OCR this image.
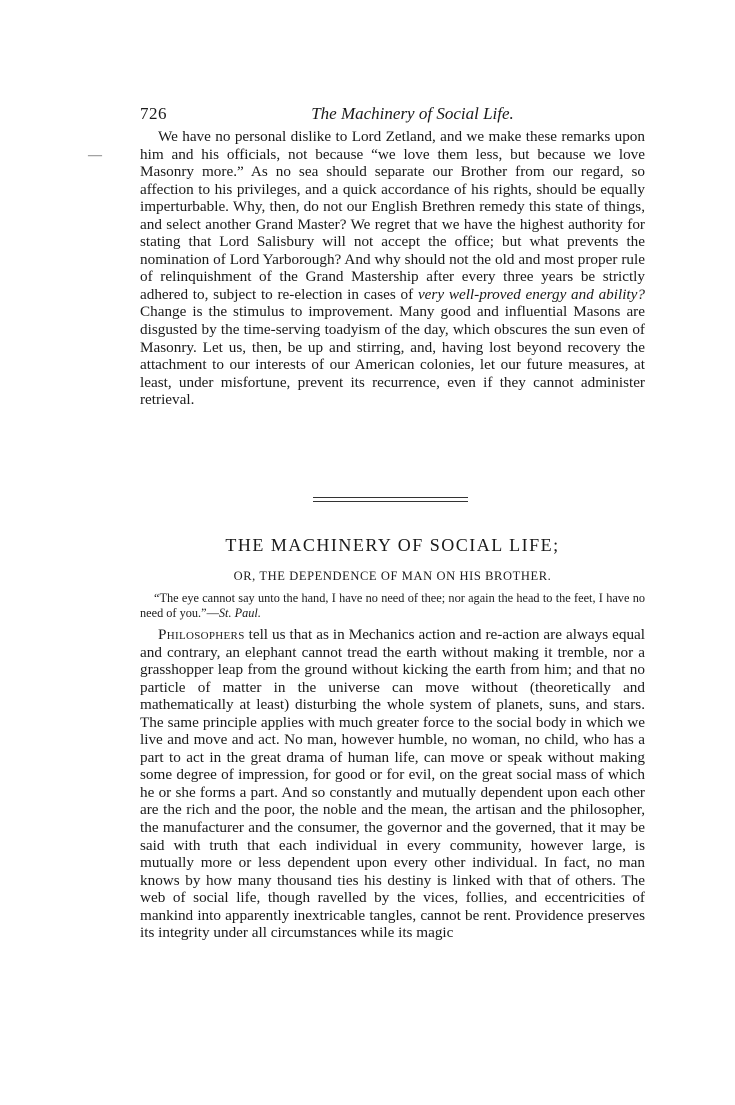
726	The Machinery of Social Life.
—

We have no personal dislike to Lord Zetland, and we make these remarks upon him and his officials, not because “we love them less, but because we love Masonry more.” As no sea should separate our Brother from our regard, so affection to his privileges, and a quick accordance of his rights, should be equally imperturbable. Why, then, do not our English Brethren remedy this state of things, and select another Grand Master? We regret that we have the highest authority for stating that Lord Salisbury will not accept the office; but what prevents the nomination of Lord Yarborough? And why should not the old and most proper rule of relinquishment of the Grand Mastership after every three years be strictly adhered to, subject to re-election in cases of very well-proved energy and ability? Change is the stimulus to improvement. Many good and influential Masons are disgusted by the time-serving toadyism of the day, which obscures the sun even of Masonry. Let us, then, be up and stirring, and, having lost beyond recovery the attachment to our interests of our American colonies, let our future measures, at least, under misfortune, prevent its recurrence, even if they cannot administer retrieval.

THE MACHINERY OF SOCIAL LIFE;
OR, THE DEPENDENCE OF MAN ON HIS BROTHER.

“The eye cannot say unto the hand, I have no need of thee; nor again the head to the feet, I have no need of you.”—St. Paul.

Philosophers tell us that as in Mechanics action and re-action are always equal and contrary, an elephant cannot tread the earth without making it tremble, nor a grasshopper leap from the ground without kicking the earth from him; and that no particle of matter in the universe can move without (theoretically and mathematically at least) disturbing the whole system of planets, suns, and stars. The same principle applies with much greater force to the social body in which we live and move and act. No man, however humble, no woman, no child, who has a part to act in the great drama of human life, can move or speak without making some degree of impression, for good or for evil, on the great social mass of which he or she forms a part. And so constantly and mutually dependent upon each other are the rich and the poor, the noble and the mean, the artisan and the philosopher, the manufacturer and the consumer, the governor and the governed, that it may be said with truth that each individual in every community, however large, is mutually more or less dependent upon every other individual. In fact, no man knows by how many thousand ties his destiny is linked with that of others. The web of social life, though ravelled by the vices, follies, and eccentricities of mankind into apparently inextricable tangles, cannot be rent. Providence preserves its integrity under all circumstances while its magic
